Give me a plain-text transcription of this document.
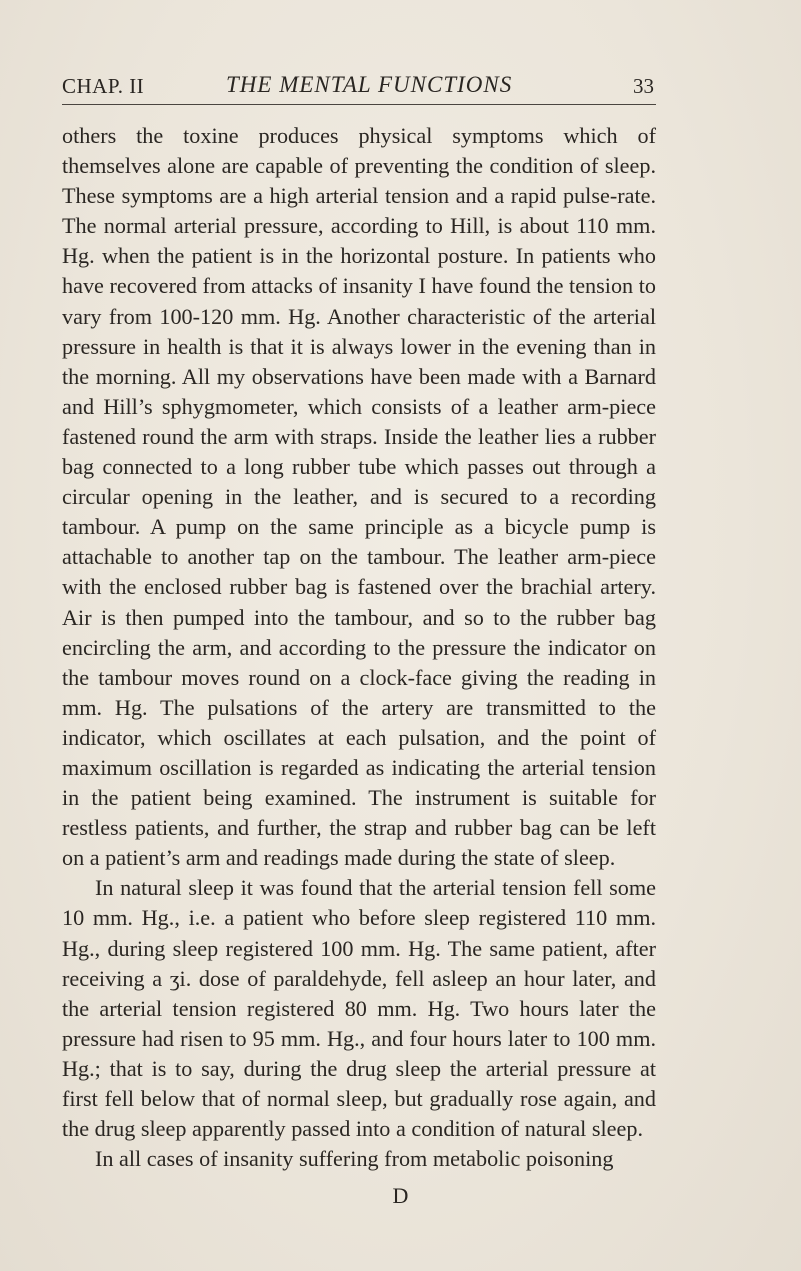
CHAP. II	THE MENTAL FUNCTIONS	33

others the toxine produces physical symptoms which of themselves alone are capable of preventing the condition of sleep. These symptoms are a high arterial tension and a rapid pulse-rate. The normal arterial pressure, according to Hill, is about 110 mm. Hg. when the patient is in the horizontal posture. In patients who have recovered from attacks of insanity I have found the tension to vary from 100-120 mm. Hg. Another characteristic of the arterial pressure in health is that it is always lower in the evening than in the morning. All my observations have been made with a Barnard and Hill’s sphygmometer, which consists of a leather arm-piece fastened round the arm with straps. Inside the leather lies a rubber bag connected to a long rubber tube which passes out through a circular opening in the leather, and is secured to a recording tambour. A pump on the same principle as a bicycle pump is attachable to another tap on the tambour. The leather arm-piece with the enclosed rubber bag is fastened over the brachial artery. Air is then pumped into the tambour, and so to the rubber bag encircling the arm, and according to the pressure the indicator on the tambour moves round on a clock-face giving the reading in mm. Hg. The pulsations of the artery are transmitted to the indicator, which oscillates at each pulsation, and the point of maximum oscillation is regarded as indicating the arterial tension in the patient being examined. The instrument is suitable for restless patients, and further, the strap and rubber bag can be left on a patient’s arm and readings made during the state of sleep.

In natural sleep it was found that the arterial tension fell some 10 mm. Hg., i.e. a patient who before sleep registered 110 mm. Hg., during sleep registered 100 mm. Hg. The same patient, after receiving a ʒi. dose of paraldehyde, fell asleep an hour later, and the arterial tension registered 80 mm. Hg. Two hours later the pressure had risen to 95 mm. Hg., and four hours later to 100 mm. Hg.; that is to say, during the drug sleep the arterial pressure at first fell below that of normal sleep, but gradually rose again, and the drug sleep apparently passed into a condition of natural sleep.

In all cases of insanity suffering from metabolic poisoning

D
